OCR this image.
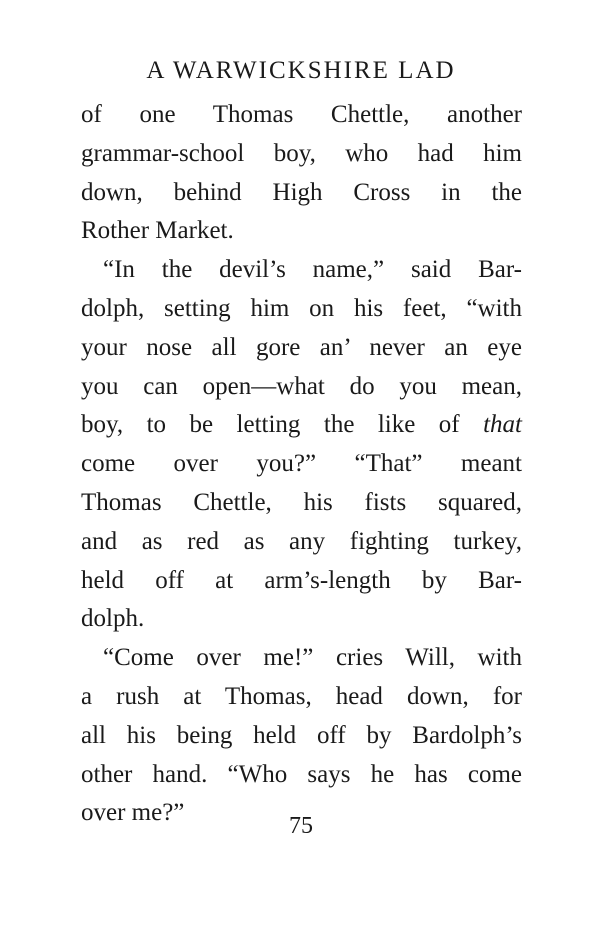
A WARWICKSHIRE LAD
of one Thomas Chettle, another
grammar-school boy, who had him
down, behind High Cross in the
Rother Market.
“In the devil’s name,” said Bar-
dolph, setting him on his feet, “with
your nose all gore an’ never an eye
you can open—what do you mean,
boy, to be letting the like of that
come over you?” “That” meant
Thomas Chettle, his fists squared,
and as red as any fighting turkey,
held off at arm’s-length by Bar-
dolph.
“Come over me!” cries Will, with
a rush at Thomas, head down, for
all his being held off by Bardolph’s
other hand. “Who says he has come
over me?”	75
